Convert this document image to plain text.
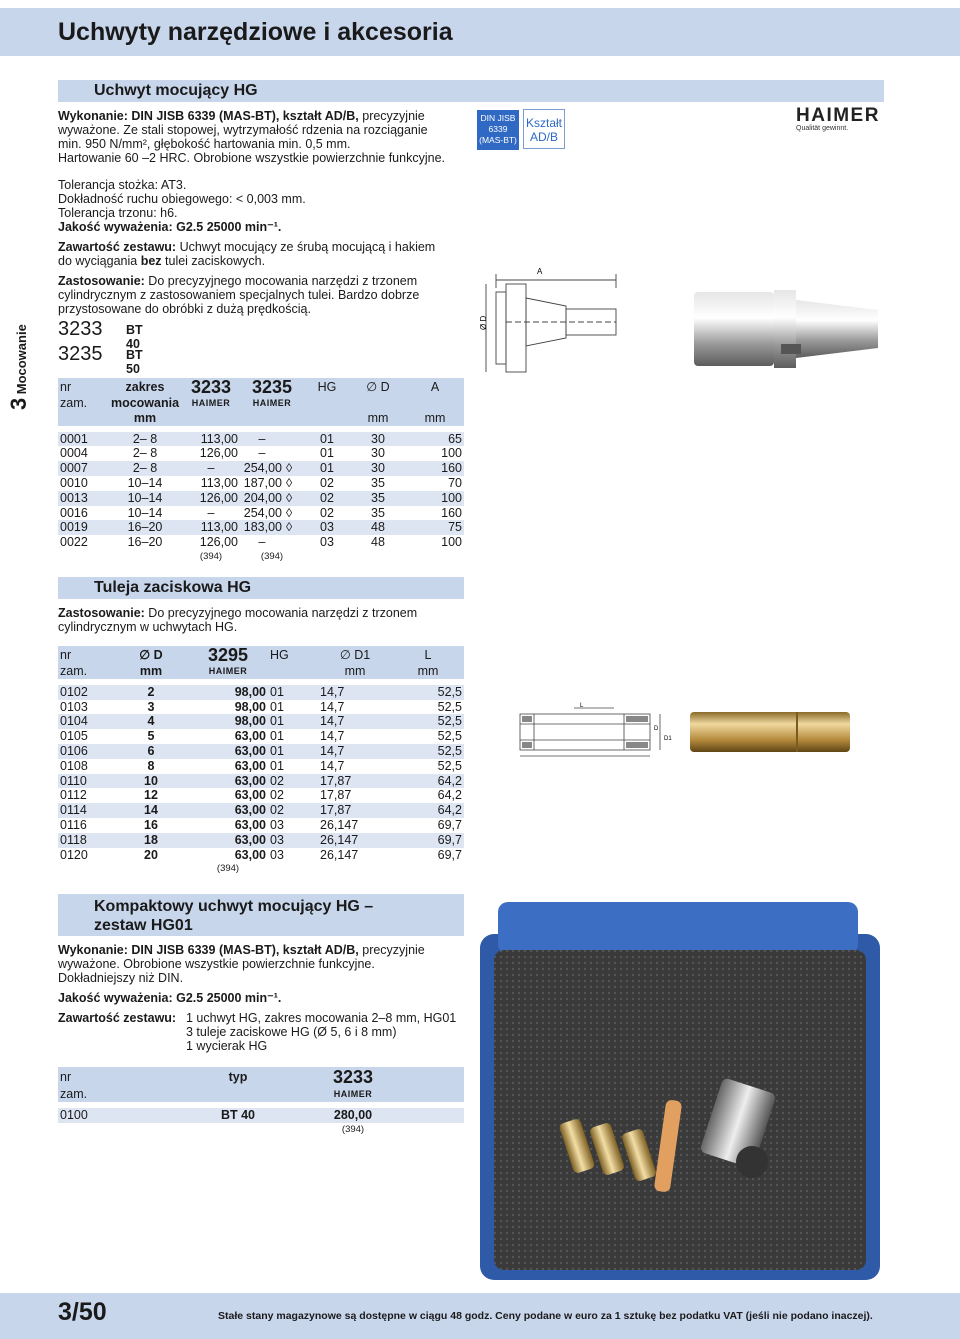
Uchwyty narzędziowe i akcesoria
3 Mocowanie
Uchwyt mocujący HG

Wykonanie: DIN JISB 6339 (MAS-BT), kształt AD/B, precyzyjnie

wyważone. Ze stali stopowej, wytrzymałość rdzenia na rozciąganie

min. 950 N/mm², głębokość hartowania min. 0,5 mm.

Hartowanie 60 –2 HRC. Obrobione wszystkie powierzchnie funkcyjne.

Tolerancja stożka: AT3.

Dokładność ruchu obiegowego: < 0,003 mm.

Tolerancja trzonu: h6.

Jakość wyważenia: G2.5 25000 min⁻¹.

Zawartość zestawu: Uchwyt mocujący ze śrubą mocującą i hakiem

do wyciągania bez tulei zaciskowych.

Zastosowanie: Do precyzyjnego mocowania narzędzi z trzonem

cylindrycznym z zastosowaniem specjalnych tulei. Bardzo dobrze

przystosowane do obróbki z dużą prędkością.

DIN JISB
6339
(MAS-BT)
Kształt
AD/B
HAIMER
Qualität gewinnt.
A
Ø D
3233 BT 40
3235 BT 50
nr	zakres	3233	3235		HG	∅ D	A
zam.	mocowania	HAIMER	HAIMER				
	mm					mm	mm

0001	2– 8	113,00	–		01	30	65
0004	2– 8	126,00	–		01	30	100
0007	2– 8	–	254,00	◊	01	30	160
0010	10–14	113,00	187,00	◊	02	35	70
0013	10–14	126,00	204,00	◊	02	35	100
0016	10–14	–	254,00	◊	02	35	160
0019	16–20	113,00	183,00	◊	03	48	75
0022	16–20	126,00	–		03	48	100
		(394)	(394)				
Tuleja zaciskowa HG

Zastosowanie: Do precyzyjnego mocowania narzędzi z trzonem

cylindrycznym w uchwytach HG.

nr	∅ D	3295	HG	∅ D1	L
zam.	mm	HAIMER		mm	mm

0102	2	98,00	01	14,7	52,5
0103	3	98,00	01	14,7	52,5
0104	4	98,00	01	14,7	52,5
0105	5	63,00	01	14,7	52,5
0106	6	63,00	01	14,7	52,5
0108	8	63,00	01	14,7	52,5
0110	10	63,00	02	17,87	64,2
0112	12	63,00	02	17,87	64,2
0114	14	63,00	02	17,87	64,2
0116	16	63,00	03	26,147	69,7
0118	18	63,00	03	26,147	69,7
0120	20	63,00	03	26,147	69,7
		(394)			
L
D
D1
Kompaktowy uchwyt mocujący HG –
zestaw HG01

Wykonanie: DIN JISB 6339 (MAS-BT), kształt AD/B, precyzyjnie

wyważone. Obrobione wszystkie powierzchnie funkcyjne.

Dokładniejszy niż DIN.

Jakość wyważenia: G2.5 25000 min⁻¹.

Zawartość zestawu: 1 uchwyt HG, zakres mocowania 2–8 mm, HG01

3 tuleje zaciskowe HG (Ø 5, 6 i 8 mm)

1 wycierak HG

nr	typ	3233	
zam.		HAIMER	

0100	BT 40	280,00	
		(394)	
3/50	Stałe stany magazynowe są dostępne w ciągu 48 godz. Ceny podane w euro za 1 sztukę bez podatku VAT (jeśli nie podano inaczej).
